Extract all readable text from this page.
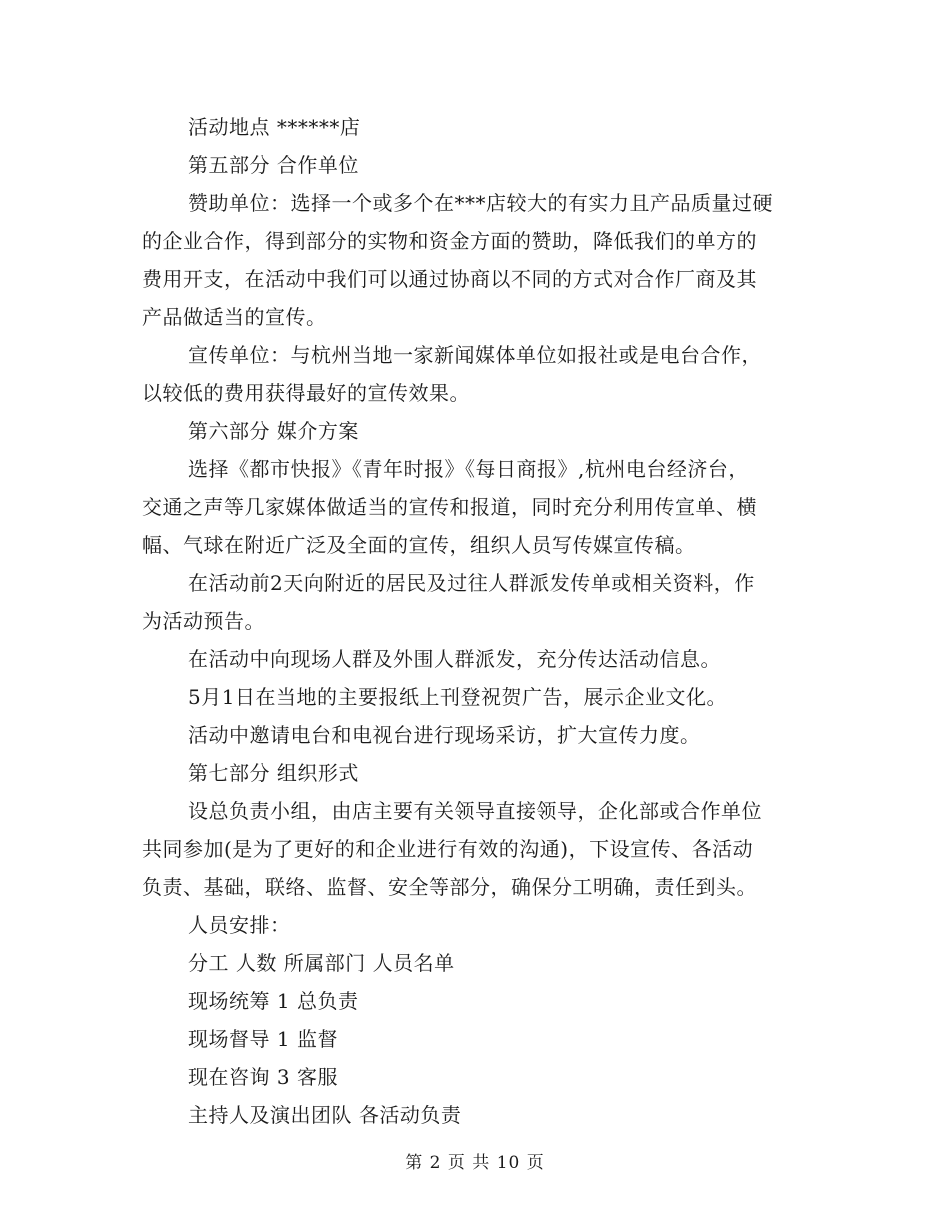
活动地点 ******店
第五部分 合作单位
赞助单位：选择一个或多个在***店较大的有实力且产品质量过硬
的企业合作，得到部分的实物和资金方面的赞助，降低我们的单方的
费用开支，在活动中我们可以通过协商以不同的方式对合作厂商及其
产品做适当的宣传。
宣传单位：与杭州当地一家新闻媒体单位如报社或是电台合作，
以较低的费用获得最好的宣传效果。
第六部分 媒介方案
选择《都市快报》《青年时报》《每日商报》,杭州电台经济台，
交通之声等几家媒体做适当的宣传和报道，同时充分利用传宣单、横
幅、气球在附近广泛及全面的宣传，组织人员写传媒宣传稿。
在活动前2天向附近的居民及过往人群派发传单或相关资料，作
为活动预告。
在活动中向现场人群及外围人群派发，充分传达活动信息。
5月1日在当地的主要报纸上刊登祝贺广告，展示企业文化。
活动中邀请电台和电视台进行现场采访，扩大宣传力度。
第七部分 组织形式
设总负责小组，由店主要有关领导直接领导，企化部或合作单位
共同参加(是为了更好的和企业进行有效的沟通)，下设宣传、各活动
负责、基础，联络、监督、安全等部分，确保分工明确，责任到头。
人员安排：
分工 人数 所属部门 人员名单
现场统筹 1 总负责
现场督导 1 监督
现在咨询 3 客服
主持人及演出团队 各活动负责
第 2 页 共 10 页
